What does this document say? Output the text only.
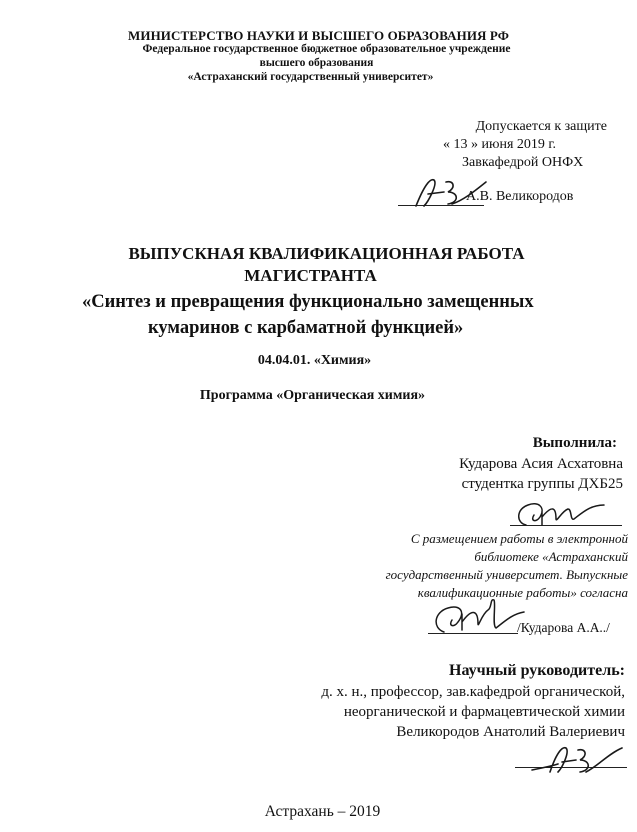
МИНИСТЕРСТВО НАУКИ И ВЫСШЕГО ОБРАЗОВАНИЯ РФ
Федеральное государственное бюджетное образовательное учреждение
высшего образования
«Астраханский государственный университет»
Допускается к защите
« 13 » июня 2019 г.
Завкафедрой ОНФХ
А.В. Великородов
ВЫПУСКНАЯ КВАЛИФИКАЦИОННАЯ РАБОТА
МАГИСТРАНТА
«Синтез и превращения функционально замещенных
кумаринов с карбаматной функцией»
04.04.01. «Химия»
Программа «Органическая химия»
Выполнила:
Кударова Асия Асхатовна
студентка группы ДХБ25
С размещением работы в электронной
библиотеке «Астраханский
государственный университет. Выпускные
квалификационные работы» согласна
/Кударова А.А../
Научный руководитель:
д. х. н., профессор, зав.кафедрой органической,
неорганической и фармацевтической химии
Великородов Анатолий Валериевич
Астрахань – 2019
